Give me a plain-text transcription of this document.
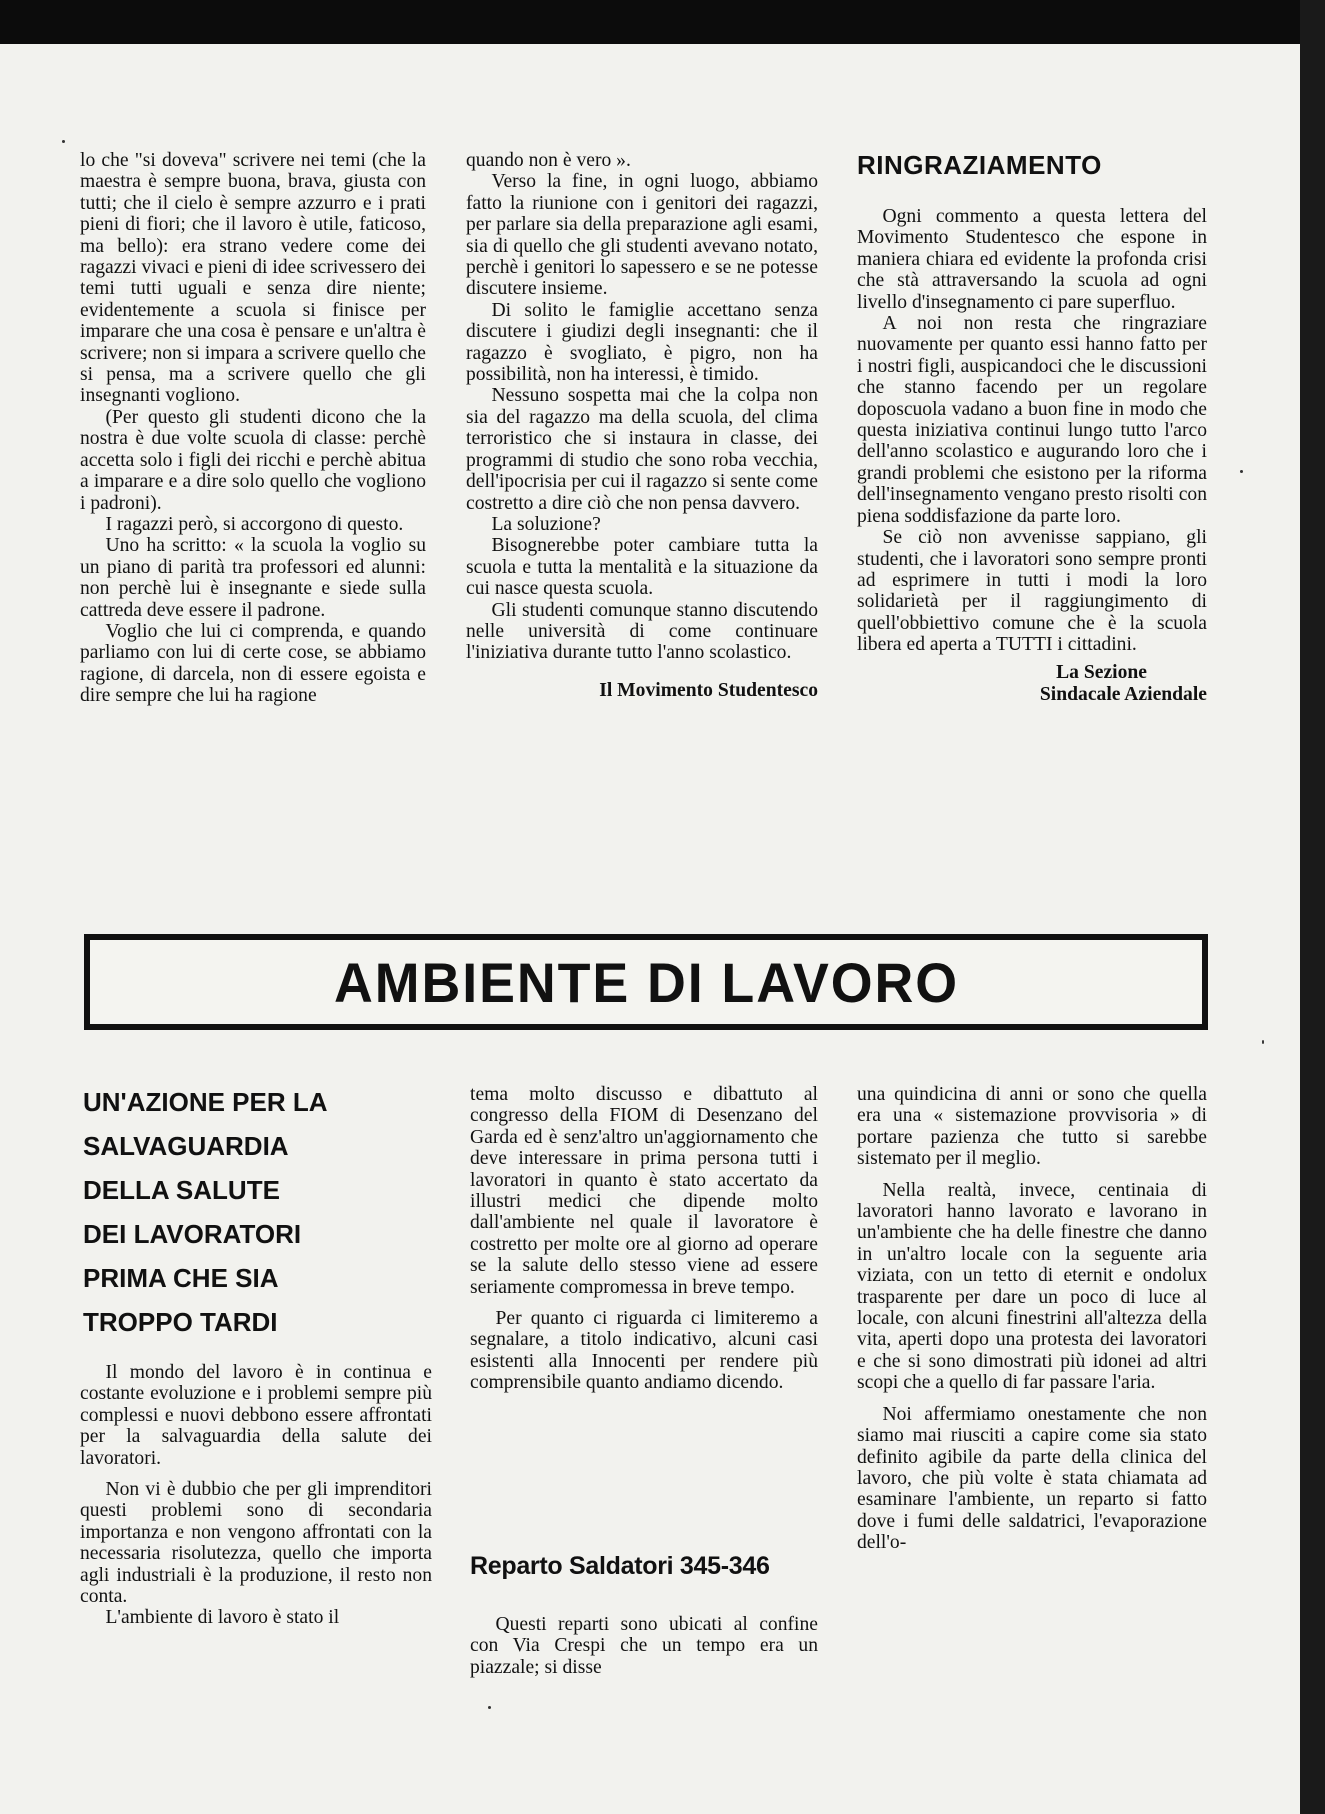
lo che "si doveva" scrivere nei temi (che la maestra è sempre buona, brava, giusta con tutti; che il cielo è sempre azzurro e i prati pieni di fiori; che il lavoro è utile, faticoso, ma bello): era strano vedere come dei ragazzi vivaci e pieni di idee scrivessero dei temi tutti uguali e senza dire niente; evidentemente a scuola si finisce per imparare che una cosa è pensare e un'altra è scrivere; non si impara a scrivere quello che si pensa, ma a scrivere quello che gli insegnanti vogliono.

(Per questo gli studenti dicono che la nostra è due volte scuola di classe: perchè accetta solo i figli dei ricchi e perchè abitua a imparare e a dire solo quello che vogliono i padroni).

I ragazzi però, si accorgono di questo.

Uno ha scritto: « la scuola la voglio su un piano di parità tra professori ed alunni: non perchè lui è insegnante e siede sulla cattreda deve essere il padrone.

Voglio che lui ci comprenda, e quando parliamo con lui di certe cose, se abbiamo ragione, di darcela, non di essere egoista e dire sempre che lui ha ragione

quando non è vero ».

Verso la fine, in ogni luogo, abbiamo fatto la riunione con i genitori dei ragazzi, per parlare sia della preparazione agli esami, sia di quello che gli studenti avevano notato, perchè i genitori lo sapessero e se ne potesse discutere insieme.

Di solito le famiglie accettano senza discutere i giudizi degli insegnanti: che il ragazzo è svogliato, è pigro, non ha possibilità, non ha interessi, è timido.

Nessuno sospetta mai che la colpa non sia del ragazzo ma della scuola, del clima terroristico che si instaura in classe, dei programmi di studio che sono roba vecchia, dell'ipocrisia per cui il ragazzo si sente come costretto a dire ciò che non pensa davvero.

La soluzione?

Bisognerebbe poter cambiare tutta la scuola e tutta la mentalità e la situazione da cui nasce questa scuola.

Gli studenti comunque stanno discutendo nelle università di come continuare l'iniziativa durante tutto l'anno scolastico.

Il Movimento Studentesco
RINGRAZIAMENTO

Ogni commento a questa lettera del Movimento Studentesco che espone in maniera chiara ed evidente la profonda crisi che stà attraversando la scuola ad ogni livello d'insegnamento ci pare superfluo.

A noi non resta che ringraziare nuovamente per quanto essi hanno fatto per i nostri figli, auspicandoci che le discussioni che stanno facendo per un regolare doposcuola vadano a buon fine in modo che questa iniziativa continui lungo tutto l'arco dell'anno scolastico e augurando loro che i grandi problemi che esistono per la riforma dell'insegnamento vengano presto risolti con piena soddisfazione da parte loro.

Se ciò non avvenisse sappiano, gli studenti, che i lavoratori sono sempre pronti ad esprimere in tutti i modi la loro solidarietà per il raggiungimento di quell'obbiettivo comune che è la scuola libera ed aperta a TUTTI i cittadini.

La Sezione
Sindacale Aziendale
AMBIENTE DI LAVORO
UN'AZIONE PER LA
SALVAGUARDIA
DELLA SALUTE
DEI LAVORATORI
PRIMA CHE SIA
TROPPO TARDI

Il mondo del lavoro è in continua e costante evoluzione e i problemi sempre più complessi e nuovi debbono essere affrontati per la salvaguardia della salute dei lavoratori.

Non vi è dubbio che per gli imprenditori questi problemi sono di secondaria importanza e non vengono affrontati con la necessaria risolutezza, quello che importa agli industriali è la produzione, il resto non conta.

L'ambiente di lavoro è stato il

tema molto discusso e dibattuto al congresso della FIOM di Desenzano del Garda ed è senz'altro un'aggiornamento che deve interessare in prima persona tutti i lavoratori in quanto è stato accertato da illustri medici che dipende molto dall'ambiente nel quale il lavoratore è costretto per molte ore al giorno ad operare se la salute dello stesso viene ad essere seriamente compromessa in breve tempo.

Per quanto ci riguarda ci limiteremo a segnalare, a titolo indicativo, alcuni casi esistenti alla Innocenti per rendere più comprensibile quanto andiamo dicendo.

Reparto Saldatori 345-346

Questi reparti sono ubicati al confine con Via Crespi che un tempo era un piazzale; si disse

una quindicina di anni or sono che quella era una « sistemazione provvisoria » di portare pazienza che tutto si sarebbe sistemato per il meglio.

Nella realtà, invece, centinaia di lavoratori hanno lavorato e lavorano in un'ambiente che ha delle finestre che danno in un'altro locale con la seguente aria viziata, con un tetto di eternit e ondolux trasparente per dare un poco di luce al locale, con alcuni finestrini all'altezza della vita, aperti dopo una protesta dei lavoratori e che si sono dimostrati più idonei ad altri scopi che a quello di far passare l'aria.

Noi affermiamo onestamente che non siamo mai riusciti a capire come sia stato definito agibile da parte della clinica del lavoro, che più volte è stata chiamata ad esaminare l'ambiente, un reparto si fatto dove i fumi delle saldatrici, l'evaporazione dell'o-
